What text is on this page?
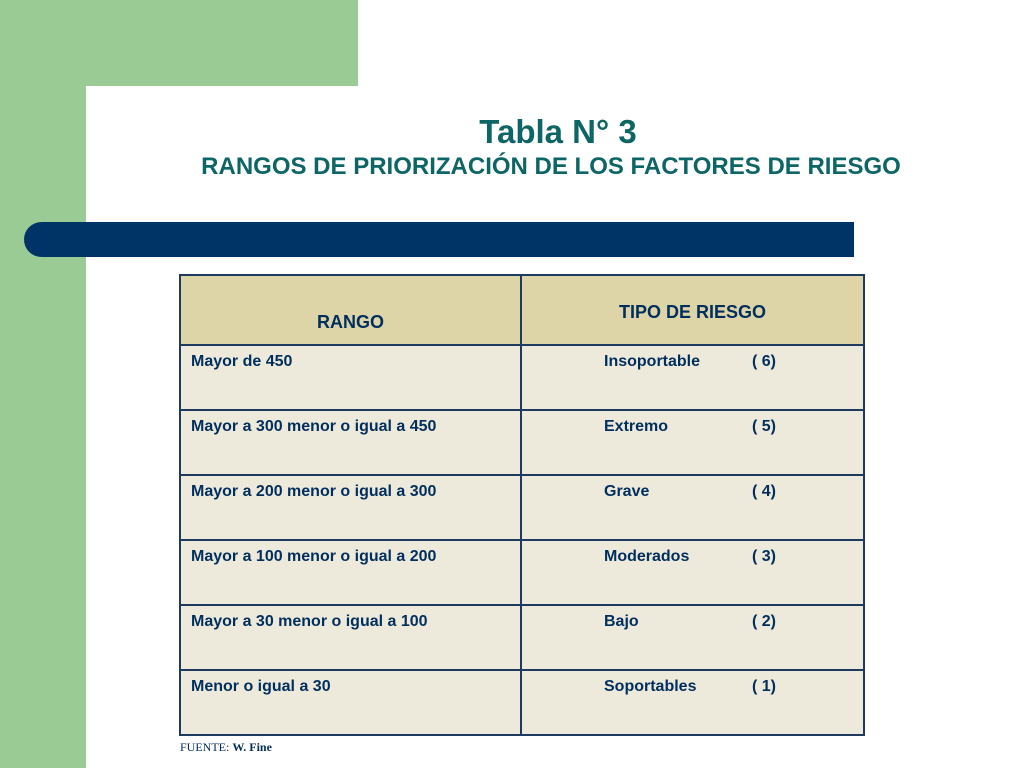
Tabla N° 3
RANGOS DE PRIORIZACIÓN DE LOS FACTORES DE RIESGO
RANGO	TIPO DE RIESGO

Mayor de 450	Insoportable ( 6)

Mayor a 300 menor o igual a 450	Extremo ( 5)

Mayor a 200 menor o igual a 300	Grave ( 4)

Mayor a 100 menor o igual a 200	Moderados ( 3)

Mayor a 30 menor o igual a 100	Bajo ( 2)

Menor o igual a 30	Soportables ( 1)
FUENTE: W. Fine
